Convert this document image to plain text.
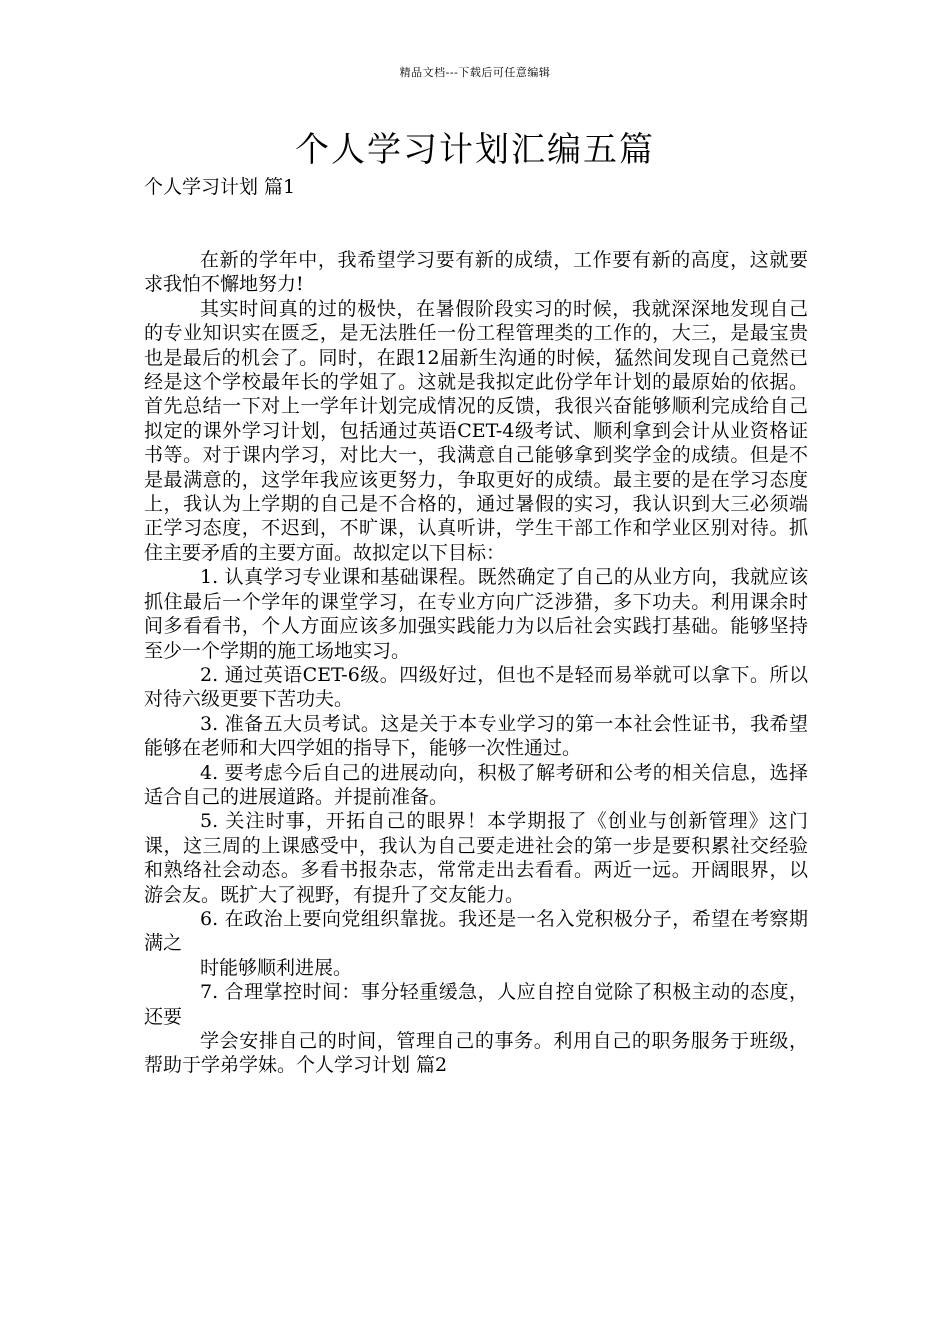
精品文档---下载后可任意编辑
个人学习计划汇编五篇
个人学习计划 篇1

在新的学年中，我希望学习要有新的成绩，工作要有新的高度，这就要求我怕不懈地努力!

其实时间真的过的极快，在暑假阶段实习的时候，我就深深地发现自己的专业知识实在匮乏，是无法胜任一份工程管理类的工作的，大三，是最宝贵也是最后的机会了。同时，在跟12届新生沟通的时候，猛然间发现自己竟然已经是这个学校最年长的学姐了。这就是我拟定此份学年计划的最原始的依据。 首先总结一下对上一学年计划完成情况的反馈，我很兴奋能够顺利完成给自己拟定的课外学习计划，包括通过英语CET-4级考试、顺利拿到会计从业资格证书等。对于课内学习，对比大一，我满意自己能够拿到奖学金的成绩。但是不是最满意的，这学年我应该更努力，争取更好的成绩。最主要的是在学习态度上，我认为上学期的自己是不合格的，通过暑假的实习，我认识到大三必须端正学习态度，不迟到，不旷课，认真听讲，学生干部工作和学业区别对待。抓住主要矛盾的主要方面。故拟定以下目标：

1. 认真学习专业课和基础课程。既然确定了自己的从业方向，我就应该抓住最后一个学年的课堂学习，在专业方向广泛涉猎，多下功夫。利用课余时间多看看书，个人方面应该多加强实践能力为以后社会实践打基础。能够坚持至少一个学期的施工场地实习。

2. 通过英语CET-6级。四级好过，但也不是轻而易举就可以拿下。所以对待六级更要下苦功夫。

3. 准备五大员考试。这是关于本专业学习的第一本社会性证书，我希望能够在老师和大四学姐的指导下，能够一次性通过。

4. 要考虑今后自己的进展动向，积极了解考研和公考的相关信息，选择适合自己的进展道路。并提前准备。

5. 关注时事，开拓自己的眼界！本学期报了《创业与创新管理》这门课，这三周的上课感受中，我认为自己要走进社会的第一步是要积累社交经验和熟络社会动态。多看书报杂志，常常走出去看看。两近一远。开阔眼界，以游会友。既扩大了视野，有提升了交友能力。

6. 在政治上要向党组织靠拢。我还是一名入党积极分子，希望在考察期满之

时能够顺利进展。

7. 合理掌控时间：事分轻重缓急，人应自控自觉除了积极主动的态度，还要

学会安排自己的时间，管理自己的事务。利用自己的职务服务于班级，帮助于学弟学妹。个人学习计划 篇2
